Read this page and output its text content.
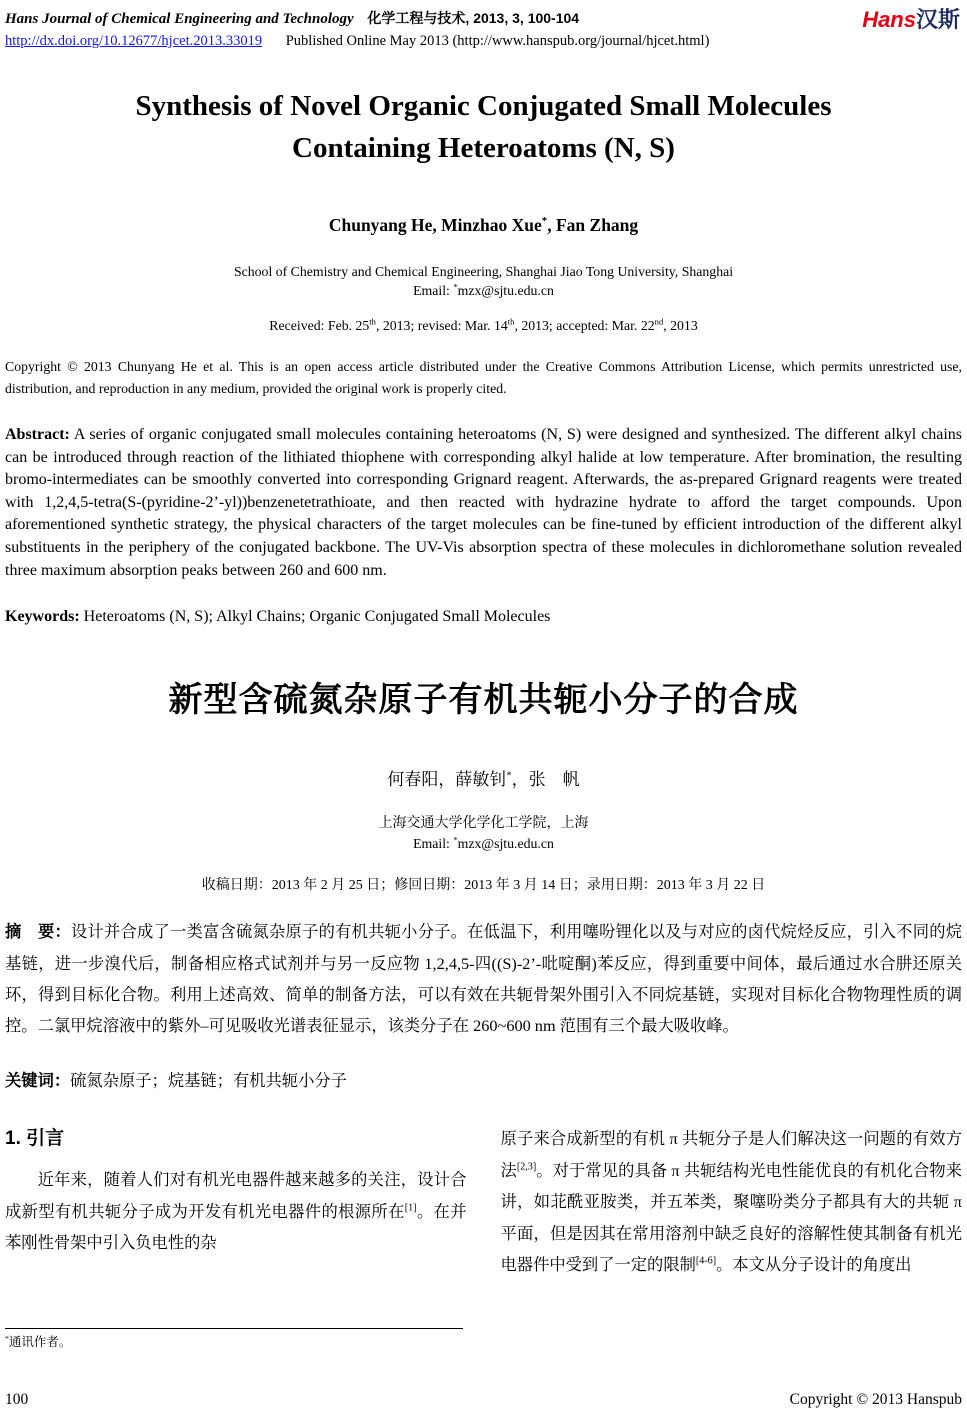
Hans Journal of Chemical Engineering and Technology 化学工程与技术, 2013, 3, 100-104
http://dx.doi.org/10.12677/hjcet.2013.33019 Published Online May 2013 (http://www.hanspub.org/journal/hjcet.html)
Hans汉斯
Synthesis of Novel Organic Conjugated Small Molecules
Containing Heteroatoms (N, S)
Chunyang He, Minzhao Xue*, Fan Zhang
School of Chemistry and Chemical Engineering, Shanghai Jiao Tong University, Shanghai
Email: *mzx@sjtu.edu.cn
Received: Feb. 25th, 2013; revised: Mar. 14th, 2013; accepted: Mar. 22nd, 2013

Copyright © 2013 Chunyang He et al. This is an open access article distributed under the Creative Commons Attribution License, which permits unrestricted use, distribution, and reproduction in any medium, provided the original work is properly cited.

Abstract: A series of organic conjugated small molecules containing heteroatoms (N, S) were designed and synthesized. The different alkyl chains can be introduced through reaction of the lithiated thiophene with corresponding alkyl halide at low temperature. After bromination, the resulting bromo-intermediates can be smoothly converted into corresponding Grignard reagent. Afterwards, the as-prepared Grignard reagents were treated with 1,2,4,5-tetra(S-(pyridine-2’-yl))benzenetetrathioate, and then reacted with hydrazine hydrate to afford the target compounds. Upon aforementioned synthetic strategy, the physical characters of the target molecules can be fine-tuned by efficient introduction of the different alkyl substituents in the periphery of the conjugated backbone. The UV-Vis absorption spectra of these molecules in dichloromethane solution revealed three maximum absorption peaks between 260 and 600 nm.

Keywords: Heteroatoms (N, S); Alkyl Chains; Organic Conjugated Small Molecules

新型含硫氮杂原子有机共轭小分子的合成
何春阳，薛敏钊*，张　帆
上海交通大学化学化工学院，上海
Email: *mzx@sjtu.edu.cn
收稿日期：2013 年 2 月 25 日；修回日期：2013 年 3 月 14 日；录用日期：2013 年 3 月 22 日

摘　要：设计并合成了一类富含硫氮杂原子的有机共轭小分子。在低温下，利用噻吩锂化以及与对应的卤代烷烃反应，引入不同的烷基链，进一步溴代后，制备相应格式试剂并与另一反应物 1,2,4,5-四((S)-2’-吡啶酮)苯反应，得到重要中间体，最后通过水合肼还原关环，得到目标化合物。利用上述高效、简单的制备方法，可以有效在共轭骨架外围引入不同烷基链，实现对目标化合物物理性质的调控。二氯甲烷溶液中的紫外–可见吸收光谱表征显示，该类分子在 260~600 nm 范围有三个最大吸收峰。

关键词：硫氮杂原子；烷基链；有机共轭小分子

1. 引言

近年来，随着人们对有机光电器件越来越多的关注，设计合成新型有机共轭分子成为开发有机光电器件的根源所在[1]。在并苯刚性骨架中引入负电性的杂

原子来合成新型的有机 π 共轭分子是人们解决这一问题的有效方法[2,3]。对于常见的具备 π 共轭结构光电性能优良的有机化合物来讲，如苝酰亚胺类，并五苯类，聚噻吩类分子都具有大的共轭 π 平面，但是因其在常用溶剂中缺乏良好的溶解性使其制备有机光电器件中受到了一定的限制[4-6]。本文从分子设计的角度出

*通讯作者。
100	Copyright © 2013 Hanspub
